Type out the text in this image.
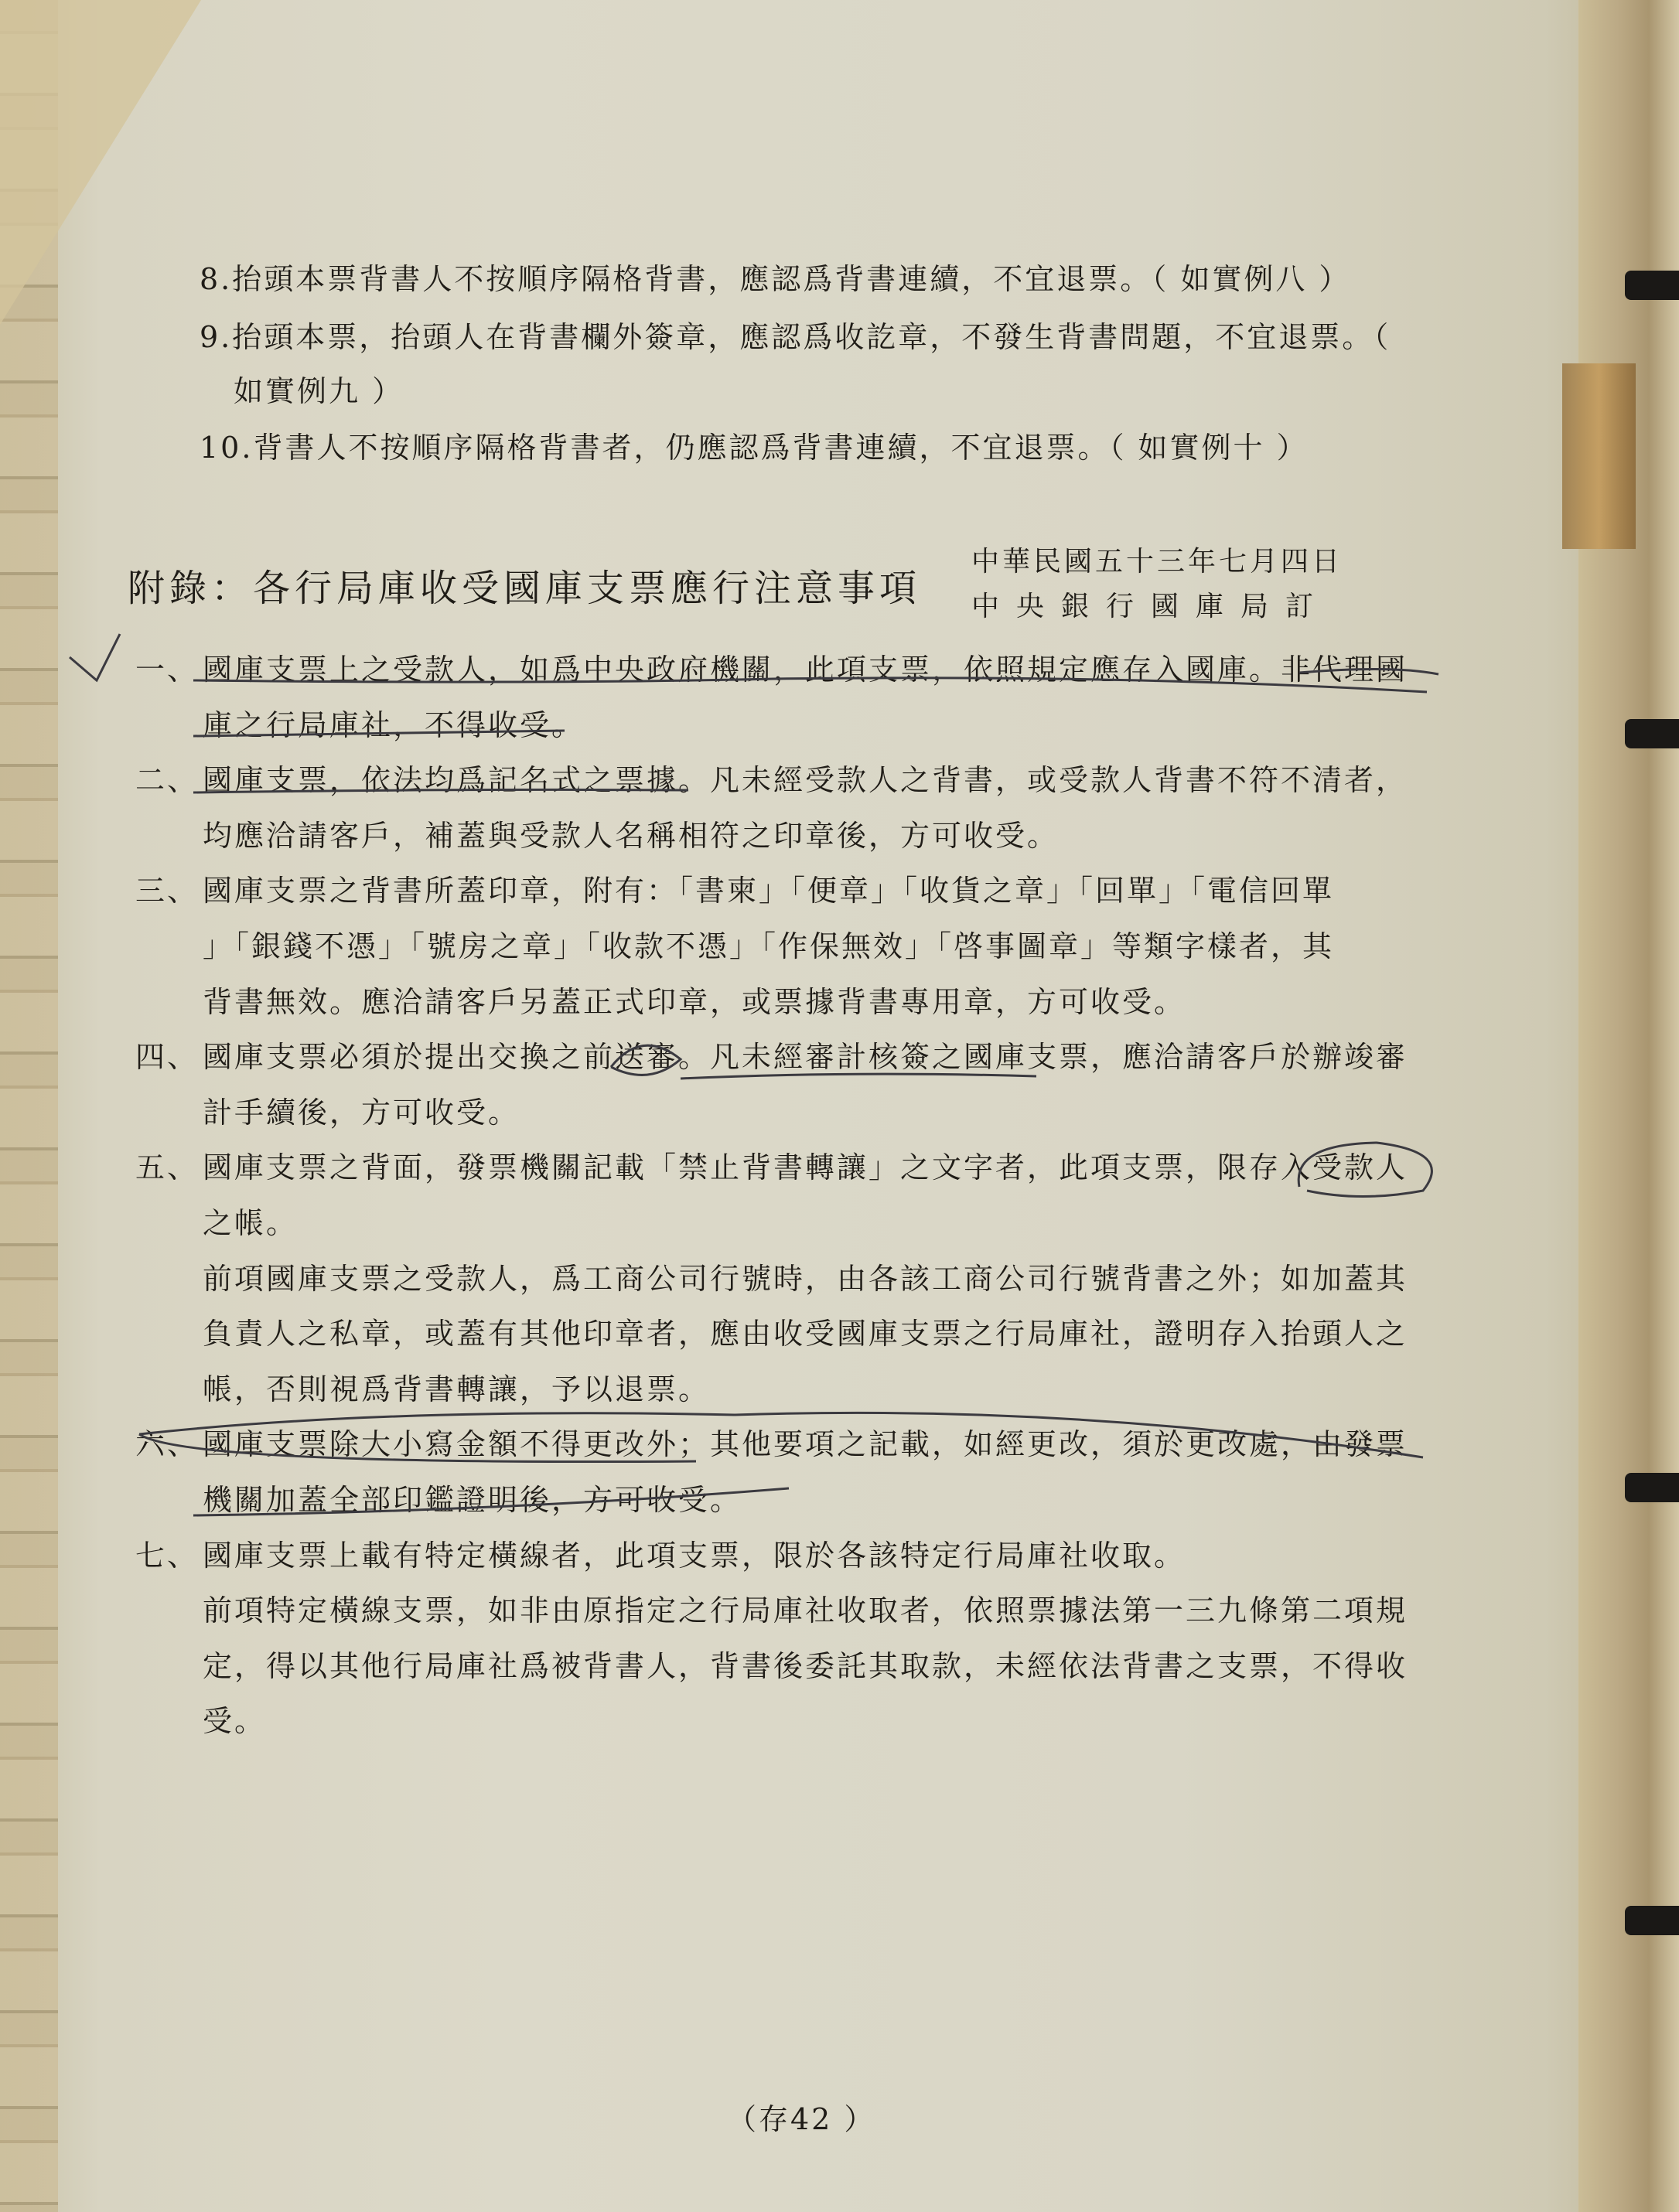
8.抬頭本票背書人不按順序隔格背書，應認爲背書連續，不宜退票。（ 如實例八 ）
9.抬頭本票，抬頭人在背書欄外簽章，應認爲收訖章，不發生背書問題，不宜退票。（
如實例九 ）
10.背書人不按順序隔格背書者，仍應認爲背書連續，不宜退票。（ 如實例十 ）
附錄：各行局庫收受國庫支票應行注意事項
中華民國五十三年七月四日
中央銀行國庫局訂
一、 國庫支票上之受款人，如爲中央政府機關，此項支票，依照規定應存入國庫。非代理國
庫之行局庫社，不得收受。
二、 國庫支票，依法均爲記名式之票據。凡未經受款人之背書，或受款人背書不符不清者，
均應洽請客戶，補蓋與受款人名稱相符之印章後，方可收受。
三、 國庫支票之背書所蓋印章，附有：「書柬」「便章」「收貨之章」「回單」「電信回單
」「銀錢不憑」「號房之章」「收款不憑」「作保無效」「啓事圖章」等類字樣者，其
背書無效。應洽請客戶另蓋正式印章，或票據背書專用章，方可收受。
四、 國庫支票必須於提出交換之前送審。凡未經審計核簽之國庫支票，應洽請客戶於辦竣審
計手續後，方可收受。
五、 國庫支票之背面，發票機關記載「禁止背書轉讓」之文字者，此項支票，限存入受款人
之帳。
前項國庫支票之受款人，爲工商公司行號時，由各該工商公司行號背書之外；如加蓋其
負責人之私章，或蓋有其他印章者，應由收受國庫支票之行局庫社，證明存入抬頭人之
帳，否則視爲背書轉讓，予以退票。
六、 國庫支票除大小寫金額不得更改外；其他要項之記載，如經更改，須於更改處，由發票
機關加蓋全部印鑑證明後，方可收受。
七、 國庫支票上載有特定橫線者，此項支票，限於各該特定行局庫社收取。
前項特定橫線支票，如非由原指定之行局庫社收取者，依照票據法第一三九條第二項規
定，得以其他行局庫社爲被背書人，背書後委託其取款，未經依法背書之支票，不得收
受。
（存42 ）
